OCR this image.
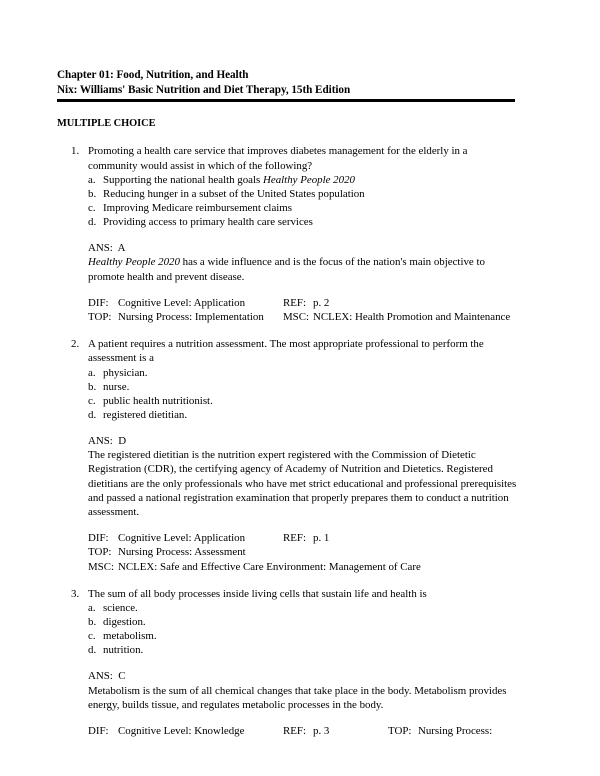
Chapter 01: Food, Nutrition, and Health
Nix: Williams' Basic Nutrition and Diet Therapy, 15th Edition
MULTIPLE CHOICE
1. Promoting a health care service that improves diabetes management for the elderly in a community would assist in which of the following?
a. Supporting the national health goals Healthy People 2020
b. Reducing hunger in a subset of the United States population
c. Improving Medicare reimbursement claims
d. Providing access to primary health care services
ANS: A
Healthy People 2020 has a wide influence and is the focus of the nation's main objective to promote health and prevent disease.
DIF: Cognitive Level: Application	REF: p. 2
TOP: Nursing Process: Implementation MSC: NCLEX: Health Promotion and Maintenance
2. A patient requires a nutrition assessment. The most appropriate professional to perform the assessment is a
a. physician.
b. nurse.
c. public health nutritionist.
d. registered dietitian.
ANS: D
The registered dietitian is the nutrition expert registered with the Commission of Dietetic Registration (CDR), the certifying agency of Academy of Nutrition and Dietetics. Registered dietitians are the only professionals who have met strict educational and professional prerequisites and passed a national registration examination that properly prepares them to conduct a nutrition assessment.
DIF: Cognitive Level: Application	REF: p. 1
TOP: Nursing Process: Assessment
MSC: NCLEX: Safe and Effective Care Environment: Management of Care
3. The sum of all body processes inside living cells that sustain life and health is
a. science.
b. digestion.
c. metabolism.
d. nutrition.
ANS: C
Metabolism is the sum of all chemical changes that take place in the body. Metabolism provides energy, builds tissue, and regulates metabolic processes in the body.
DIF: Cognitive Level: Knowledge	REF: p. 3	TOP: Nursing Process:
